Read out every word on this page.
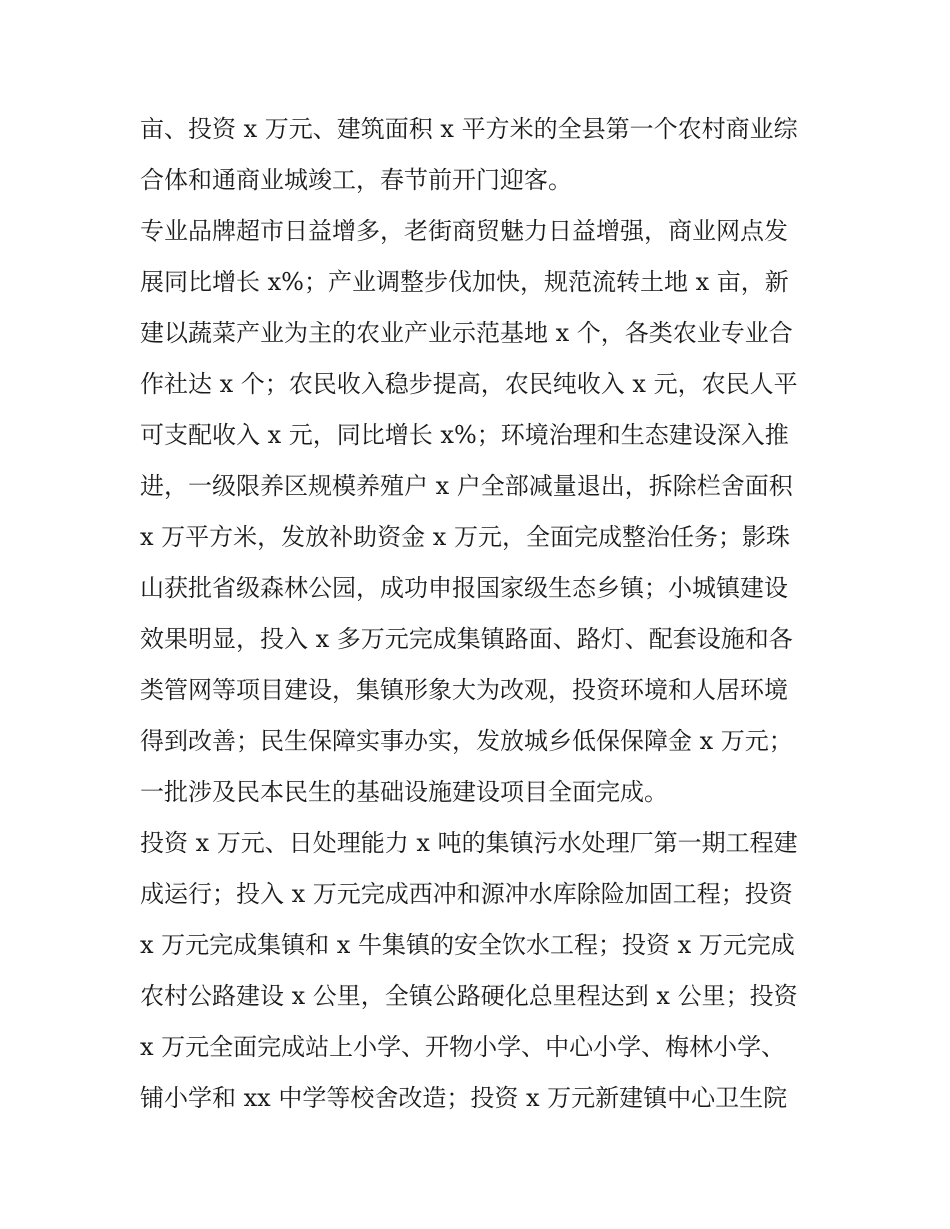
亩、投资 x 万元、建筑面积 x 平方米的全县第一个农村商业综
合体和通商业城竣工，春节前开门迎客。
专业品牌超市日益增多，老街商贸魅力日益增强，商业网点发
展同比增长 x%；产业调整步伐加快，规范流转土地 x 亩，新
建以蔬菜产业为主的农业产业示范基地 x 个，各类农业专业合
作社达 x 个；农民收入稳步提高，农民纯收入 x 元，农民人平
可支配收入 x 元，同比增长 x%；环境治理和生态建设深入推
进，一级限养区规模养殖户 x 户全部减量退出，拆除栏舍面积
x 万平方米，发放补助资金 x 万元，全面完成整治任务；影珠
山获批省级森林公园，成功申报国家级生态乡镇；小城镇建设
效果明显，投入 x 多万元完成集镇路面、路灯、配套设施和各
类管网等项目建设，集镇形象大为改观，投资环境和人居环境
得到改善；民生保障实事办实，发放城乡低保保障金 x 万元；
一批涉及民本民生的基础设施建设项目全面完成。
投资 x 万元、日处理能力 x 吨的集镇污水处理厂第一期工程建
成运行；投入 x 万元完成西冲和源冲水库除险加固工程；投资
x 万元完成集镇和 x 牛集镇的安全饮水工程；投资 x 万元完成
农村公路建设 x 公里，全镇公路硬化总里程达到 x 公里；投资
x 万元全面完成站上小学、开物小学、中心小学、梅林小学、
铺小学和 xx 中学等校舍改造；投资 x 万元新建镇中心卫生院
